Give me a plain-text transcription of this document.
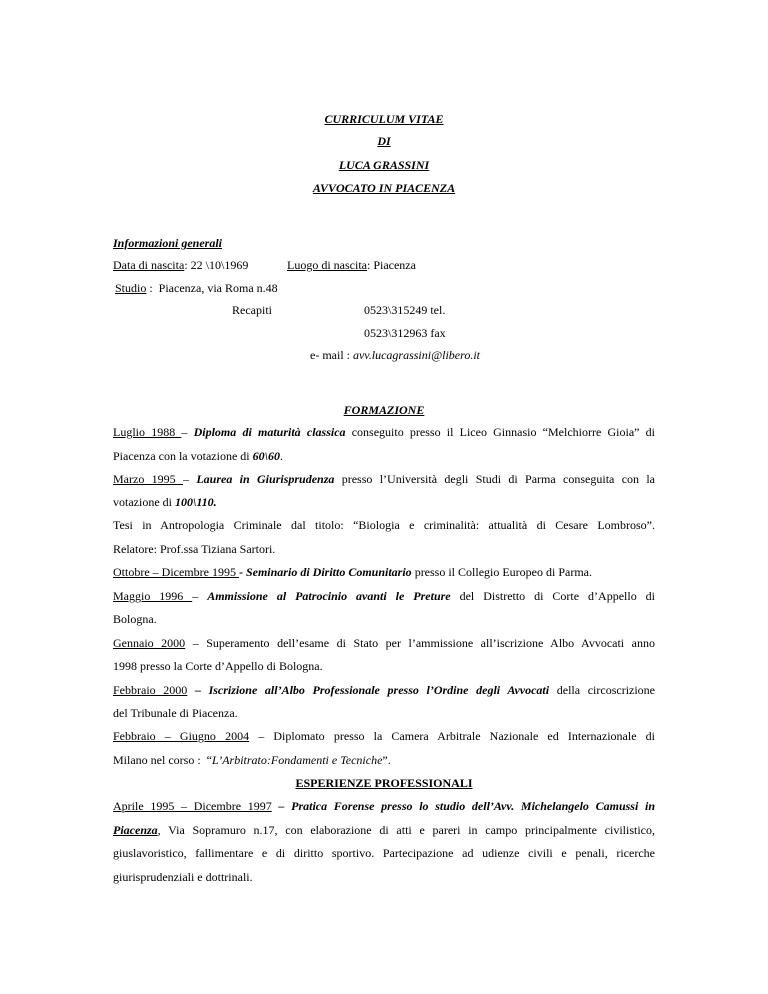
CURRICULUM VITAE
DI
LUCA GRASSINI
AVVOCATO IN PIACENZA
Informazioni generali
Data di nascita: 22 \10\1969	Luogo di nascita: Piacenza
Studio :  Piacenza, via Roma n.48
Recapiti	0523\315249 tel.
0523\312963 fax
e- mail : avv.lucagrassini@libero.it
FORMAZIONE
Luglio 1988 – Diploma di maturità classica conseguito presso il Liceo Ginnasio “Melchiorre Gioia” di
Piacenza con la votazione di 60\60.
Marzo 1995 – Laurea in Giurisprudenza presso l’Università degli Studi di Parma conseguita con la
votazione di 100\110.
Tesi in Antropologia Criminale dal titolo: “Biologia e criminalità: attualità di Cesare Lombroso”.
Relatore: Prof.ssa Tiziana Sartori.
Ottobre – Dicembre 1995 - Seminario di Diritto Comunitario presso il Collegio Europeo di Parma.
Maggio 1996 – Ammissione al Patrocinio avanti le Preture del Distretto di Corte d’Appello di
Bologna.
Gennaio 2000 – Superamento dell’esame di Stato per l’ammissione all’iscrizione Albo Avvocati anno
1998 presso la Corte d’Appello di Bologna.
Febbraio 2000 – Iscrizione all’Albo Professionale presso l’Ordine degli Avvocati della circoscrizione
del Tribunale di Piacenza.
Febbraio – Giugno 2004 – Diplomato presso la Camera Arbitrale Nazionale ed Internazionale di
Milano nel corso :  “L’Arbitrato:Fondamenti e Tecniche”.
ESPERIENZE PROFESSIONALI
Aprile 1995 – Dicembre 1997 – Pratica Forense presso lo studio dell’Avv. Michelangelo Camussi in
Piacenza, Via Sopramuro n.17, con elaborazione di atti e pareri in campo principalmente civilistico,
giuslavoristico, fallimentare e di diritto sportivo. Partecipazione ad udienze civili e penali, ricerche
giurisprudenziali e dottrinali.
